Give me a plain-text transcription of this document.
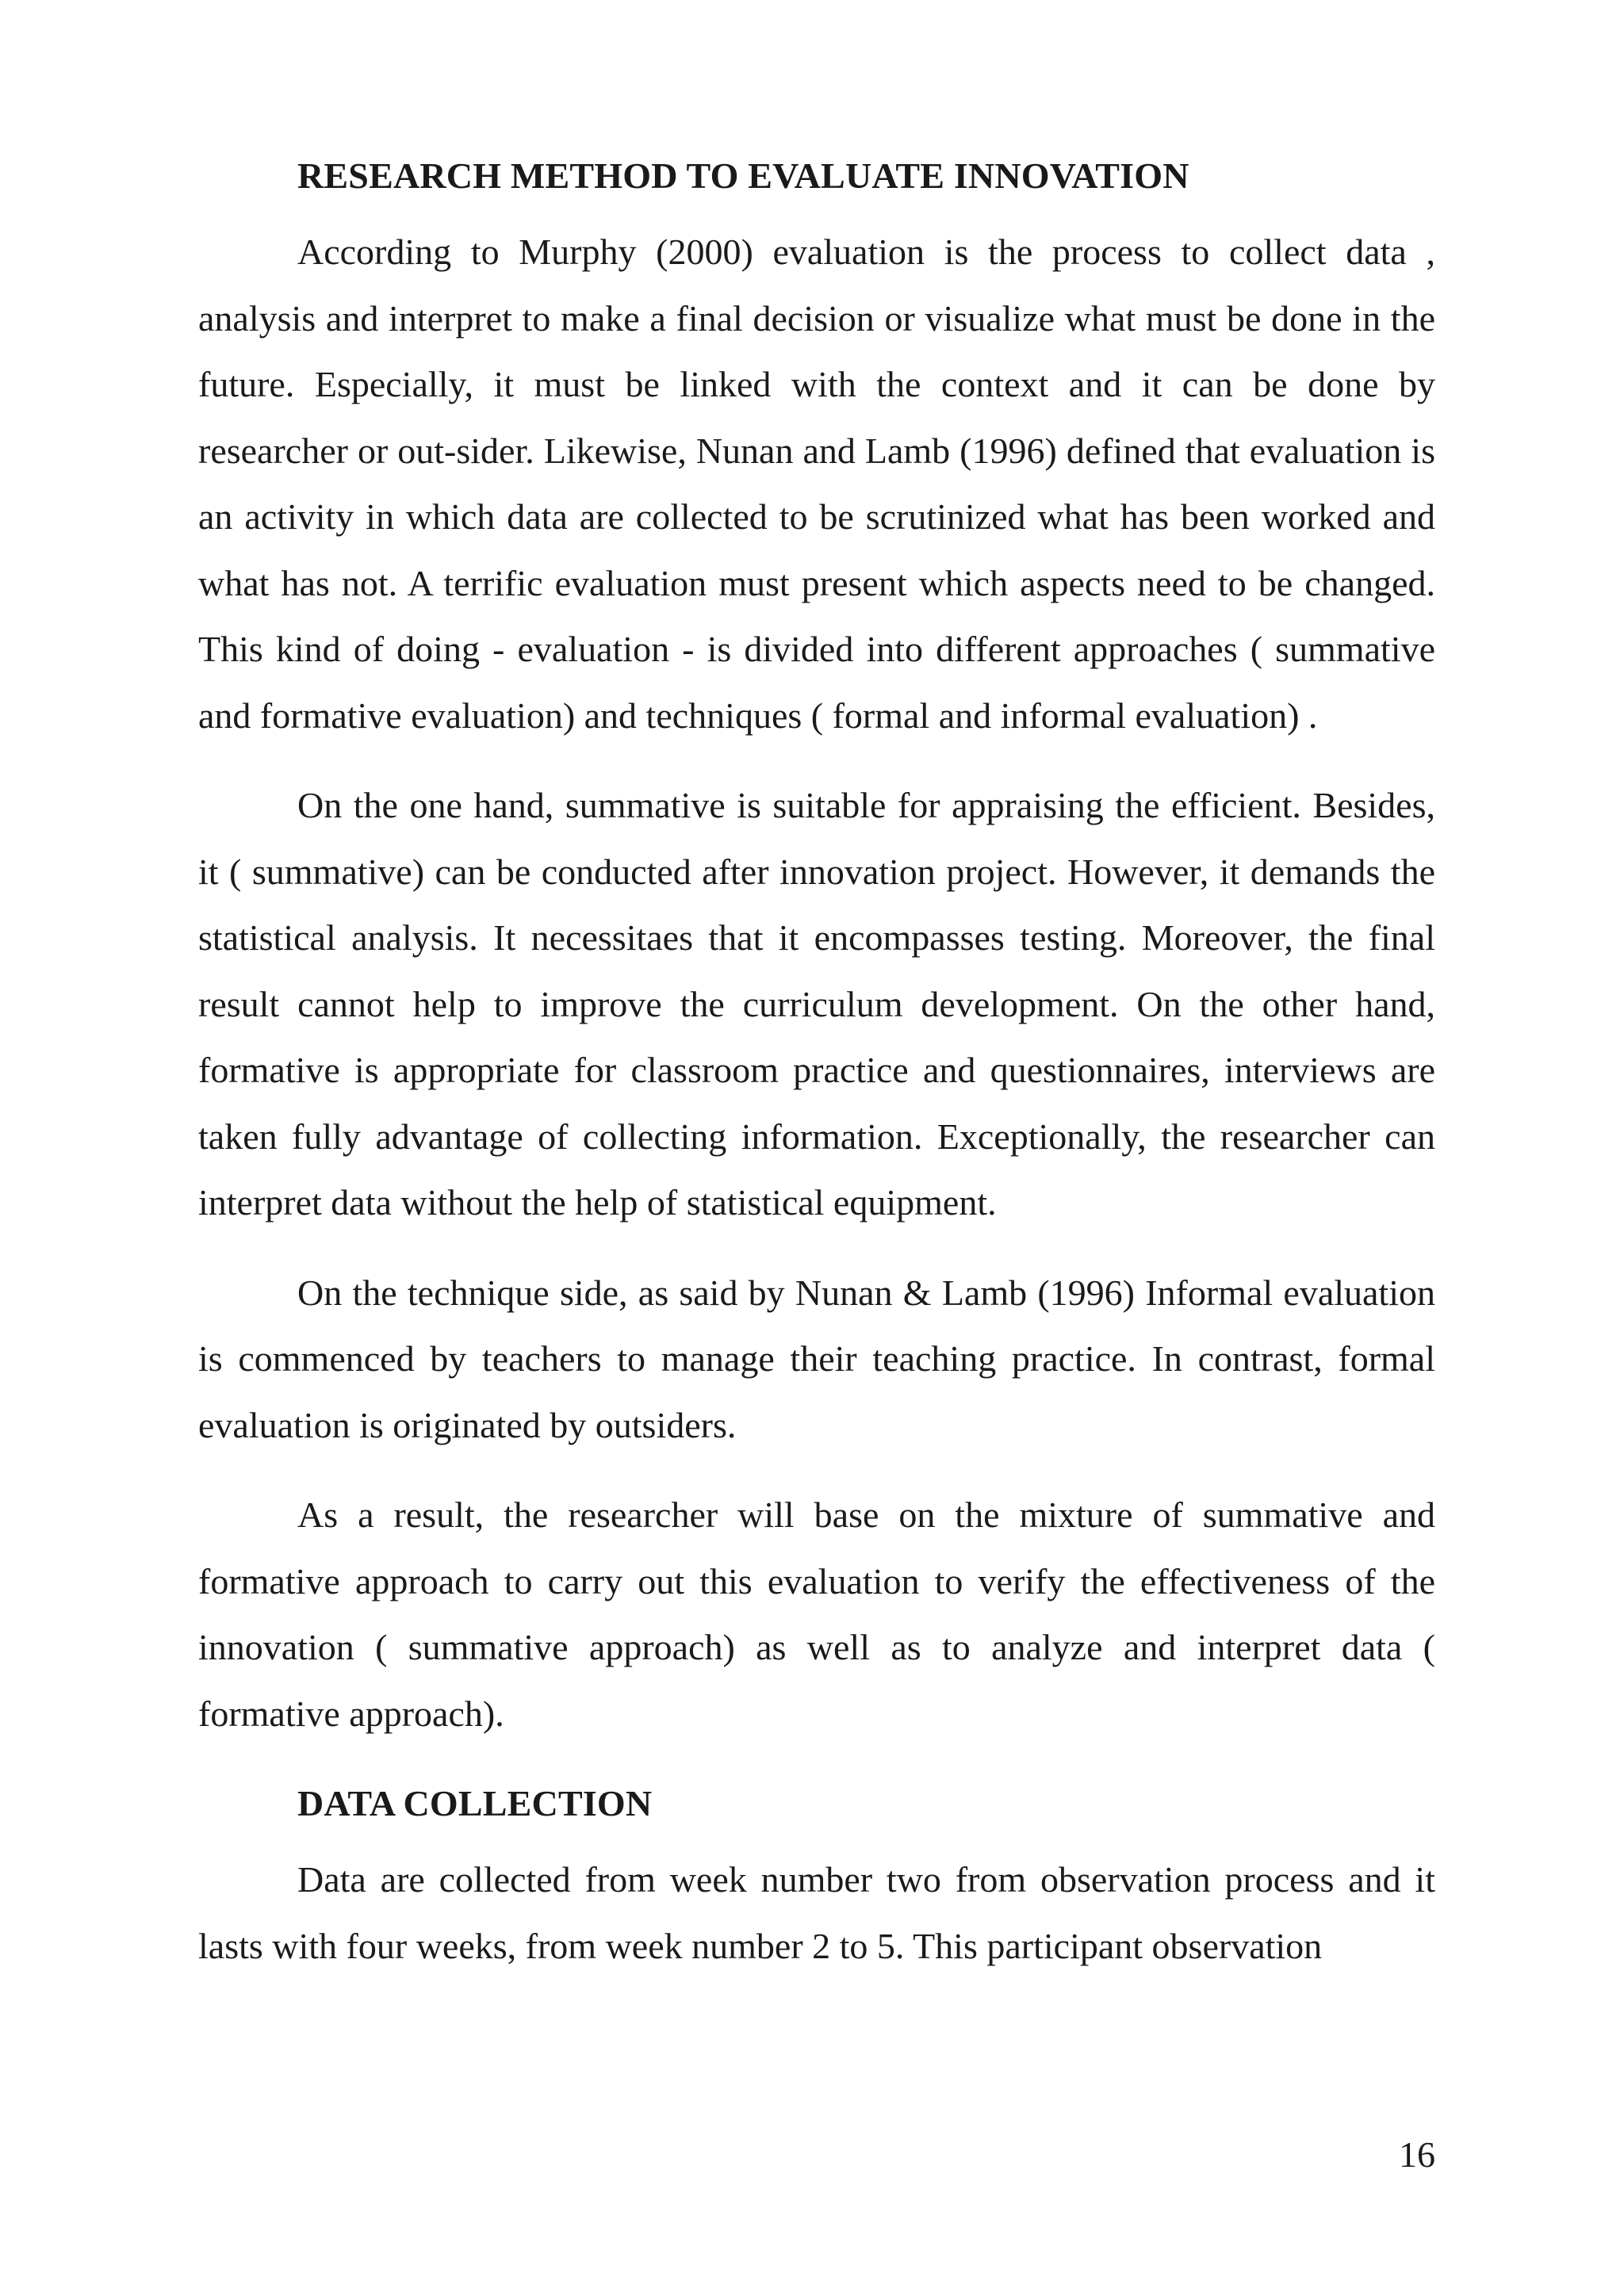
RESEARCH METHOD TO EVALUATE INNOVATION

According to Murphy (2000) evaluation is the process to collect data , analysis and interpret to make a final decision or visualize what must be done in the future. Especially, it must be linked with the context and it can be done by researcher or out-sider. Likewise, Nunan and Lamb (1996) defined that evaluation is an activity in which data are collected to be scrutinized what has been worked and what has not. A terrific evaluation must present which aspects need to be changed. This kind of doing - evaluation - is divided into different approaches ( summative and formative evaluation) and techniques ( formal and informal evaluation) .

On the one hand, summative is suitable for appraising the efficient. Besides, it ( summative) can be conducted after innovation project. However, it demands the statistical analysis. It necessitaes that it encompasses testing. Moreover, the final result cannot help to improve the curriculum development. On the other hand, formative is appropriate for classroom practice and questionnaires, interviews are taken fully advantage of collecting information. Exceptionally, the researcher can interpret data without the help of statistical equipment.

On the technique side, as said by Nunan & Lamb (1996) Informal evaluation is commenced by teachers to manage their teaching practice. In contrast, formal evaluation is originated by outsiders.

As a result, the researcher will base on the mixture of summative and formative approach to carry out this evaluation to verify the effectiveness of the innovation ( summative approach) as well as to analyze and interpret data ( formative approach).

DATA COLLECTION

Data are collected from week number two from observation process and it lasts with four weeks, from week number 2 to 5. This participant observation

16
